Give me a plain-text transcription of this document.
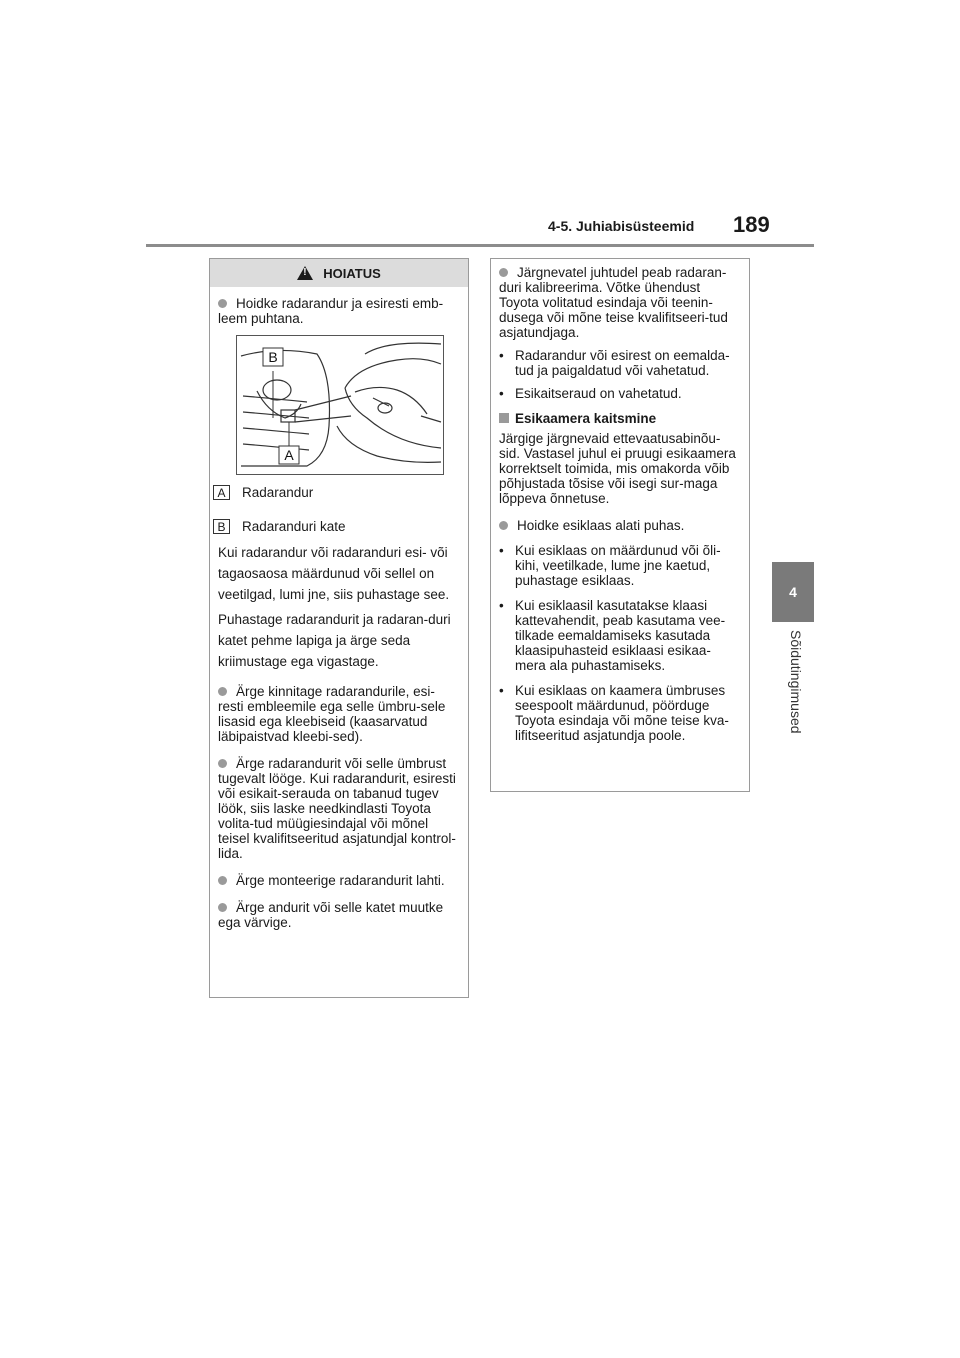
4-5. Juhiabisüsteemid 189
4
Sõidutingimused
!
HOIATUS
Hoidke radarandur ja esiresti emb-leem puhtana.
Kui radarandur või radaranduri esi- või tagaosaosa määrdunud või sellel on veetilgad, lumi jne, siis puhastage see.
Puhastage radarandurit ja radaran-duri katet pehme lapiga ja ärge seda kriimustage ega vigastage.
Ärge kinnitage radarandurile, esi-resti embleemile ega selle ümbru-sele lisasid ega kleebiseid (kaasarvatud läbipaistvad kleebi-sed).
Ärge radarandurit või selle ümbrust tugevalt lööge. Kui radarandurit, esiresti või esikait-serauda on tabanud tugev löök, siis laske needkindlasti Toyota volita-tud müügiesindajal või mõnel teisel kvalifitseeritud asjatundjal kontrol-lida.
Ärge monteerige radarandurit lahti.
Ärge andurit või selle katet muutke ega värvige.
B
A
A	Radarandur
B	Radaranduri kate
Järgnevatel juhtudel peab radaran-duri kalibreerima. Võtke ühendust Toyota volitatud esindaja või teenin-dusega või mõne teise kvalifitseeri-tud asjatundjaga.
• Radarandur või esirest on eemalda-tud ja paigaldatud või vahetatud.
• Esikaitseraud on vahetatud.
Esikaamera kaitsmine
Järgige järgnevaid ettevaatusabinõu-sid. Vastasel juhul ei pruugi esikaamera korrektselt toimida, mis omakorda võib põhjustada tõsise või isegi sur-maga lõppeva õnnetuse.
Hoidke esiklaas alati puhas.
• Kui esiklaas on määrdunud või õli-kihi, veetilkade, lume jne kaetud, puhastage esiklaas.
• Kui esiklaasil kasutatakse klaasi kattevahendit, peab kasutama vee-tilkade eemaldamiseks kasutada klaasipuhasteid esiklaasi esikaa-mera ala puhastamiseks.
• Kui esiklaas on kaamera ümbruses seespoolt määrdunud, pöörduge Toyota esindaja või mõne teise kva-lifitseeritud asjatundja poole.
